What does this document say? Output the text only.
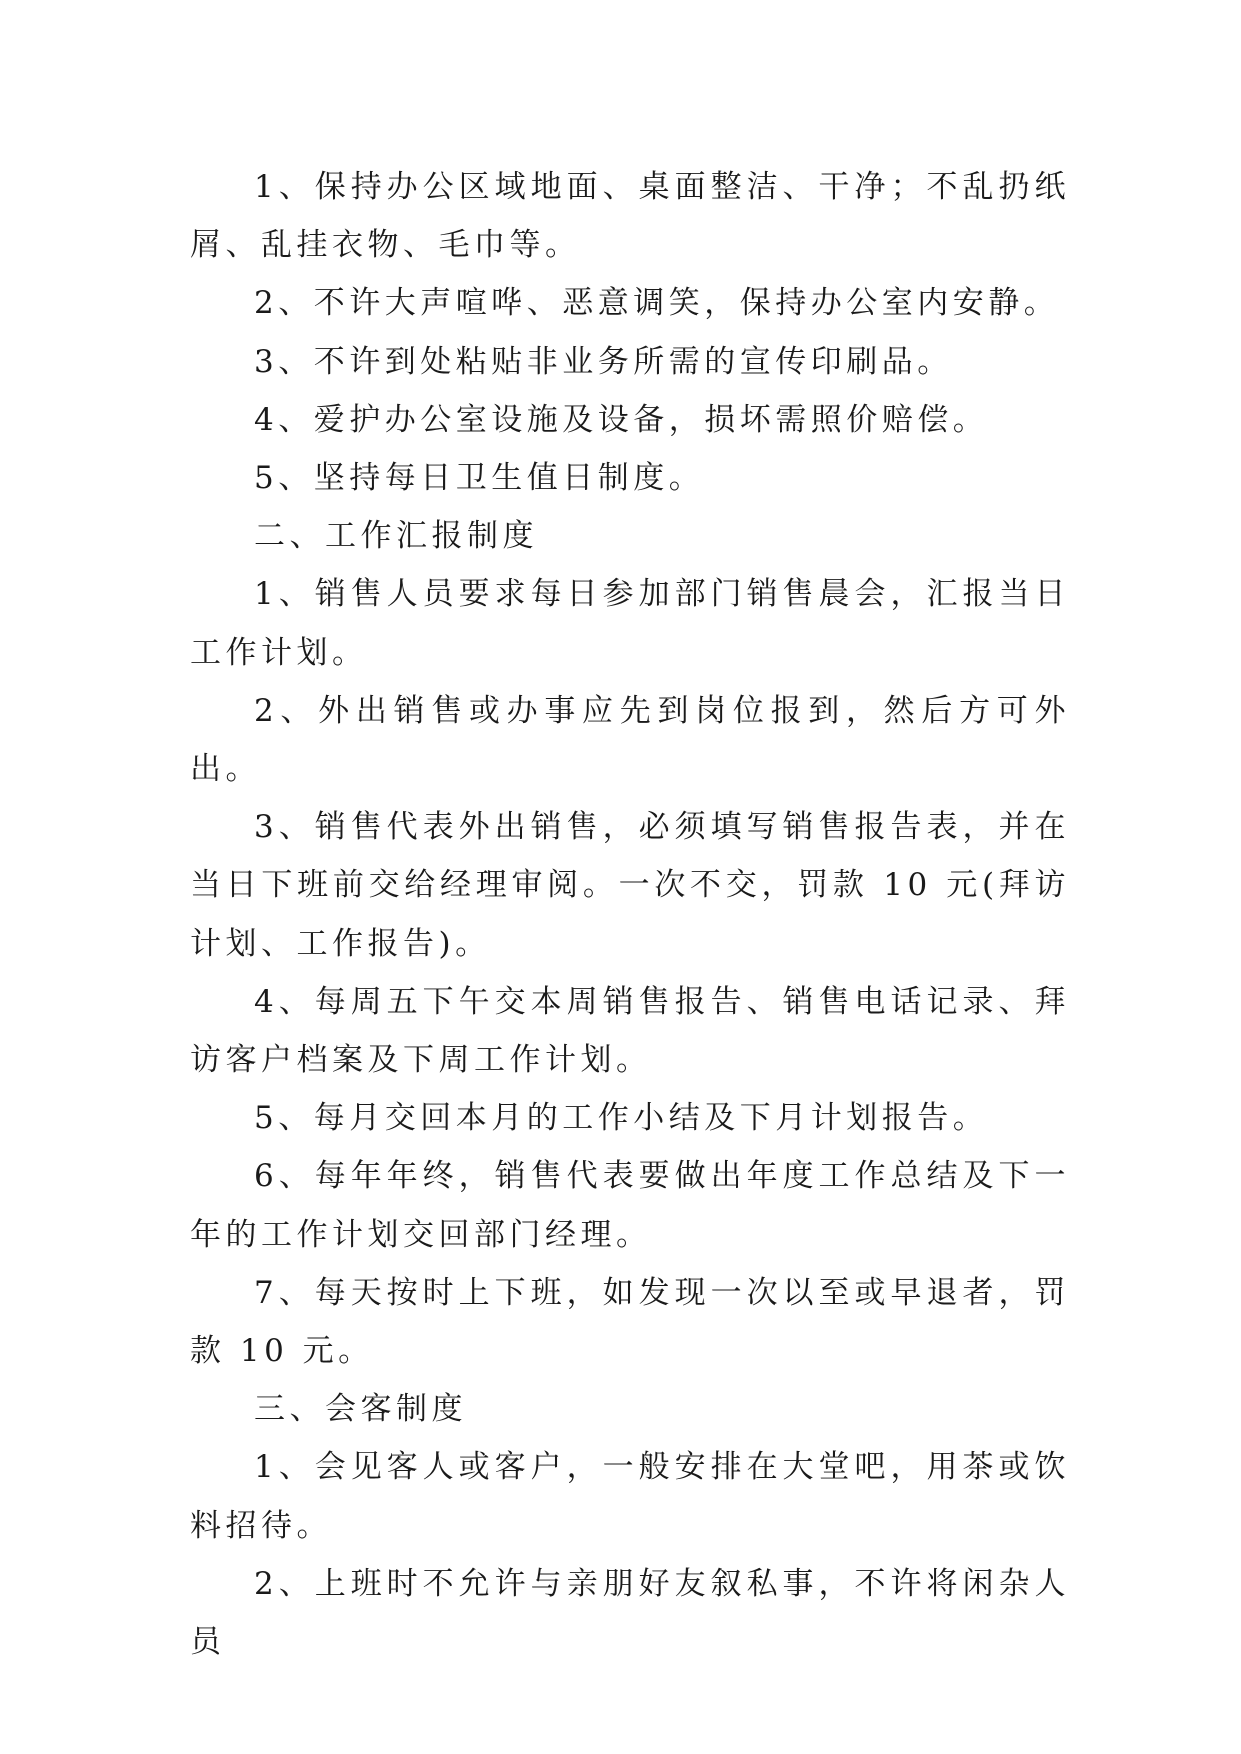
1、保持办公区域地面、桌面整洁、干净；不乱扔纸屑、乱挂衣物、毛巾等。

2、不许大声喧哗、恶意调笑，保持办公室内安静。

3、不许到处粘贴非业务所需的宣传印刷品。

4、爱护办公室设施及设备，损坏需照价赔偿。

5、坚持每日卫生值日制度。

二、工作汇报制度

1、销售人员要求每日参加部门销售晨会，汇报当日工作计划。

2、外出销售或办事应先到岗位报到，然后方可外出。

3、销售代表外出销售，必须填写销售报告表，并在当日下班前交给经理审阅。一次不交，罚款 10 元(拜访计划、工作报告)。

4、每周五下午交本周销售报告、销售电话记录、拜访客户档案及下周工作计划。

5、每月交回本月的工作小结及下月计划报告。

6、每年年终，销售代表要做出年度工作总结及下一年的工作计划交回部门经理。

7、每天按时上下班，如发现一次以至或早退者，罚款 10 元。

三、会客制度

1、会见客人或客户，一般安排在大堂吧，用茶或饮料招待。

2、上班时不允许与亲朋好友叙私事，不许将闲杂人员
